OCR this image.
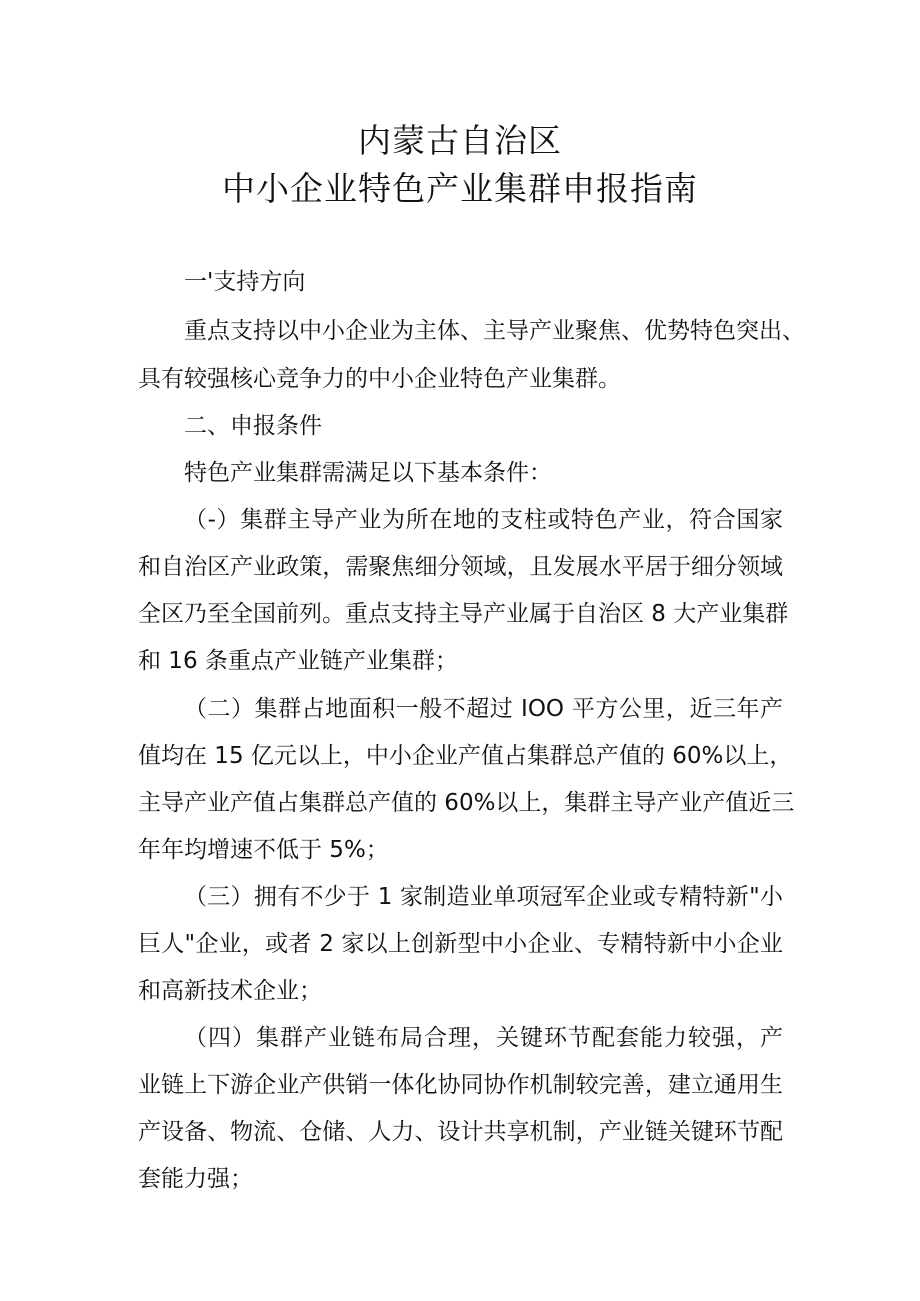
内蒙古自治区
中小企业特色产业集群申报指南
一'支持方向
重点支持以中小企业为主体、主导产业聚焦、优势特色突出、
具有较强核心竞争力的中小企业特色产业集群。
二、申报条件
特色产业集群需满足以下基本条件：
（-）集群主导产业为所在地的支柱或特色产业，符合国家
和自治区产业政策，需聚焦细分领域，且发展水平居于细分领域
全区乃至全国前列。重点支持主导产业属于自治区 8 大产业集群
和 16 条重点产业链产业集群；
（二）集群占地面积一般不超过 IOO 平方公里，近三年产
值均在 15 亿元以上，中小企业产值占集群总产值的 60%以上，
主导产业产值占集群总产值的 60%以上，集群主导产业产值近三
年年均增速不低于 5%；
（三）拥有不少于 1 家制造业单项冠军企业或专精特新"小
巨人"企业，或者 2 家以上创新型中小企业、专精特新中小企业
和高新技术企业；
（四）集群产业链布局合理，关键环节配套能力较强，产
业链上下游企业产供销一体化协同协作机制较完善，建立通用生
产设备、物流、仓储、人力、设计共享机制，产业链关键环节配
套能力强；
